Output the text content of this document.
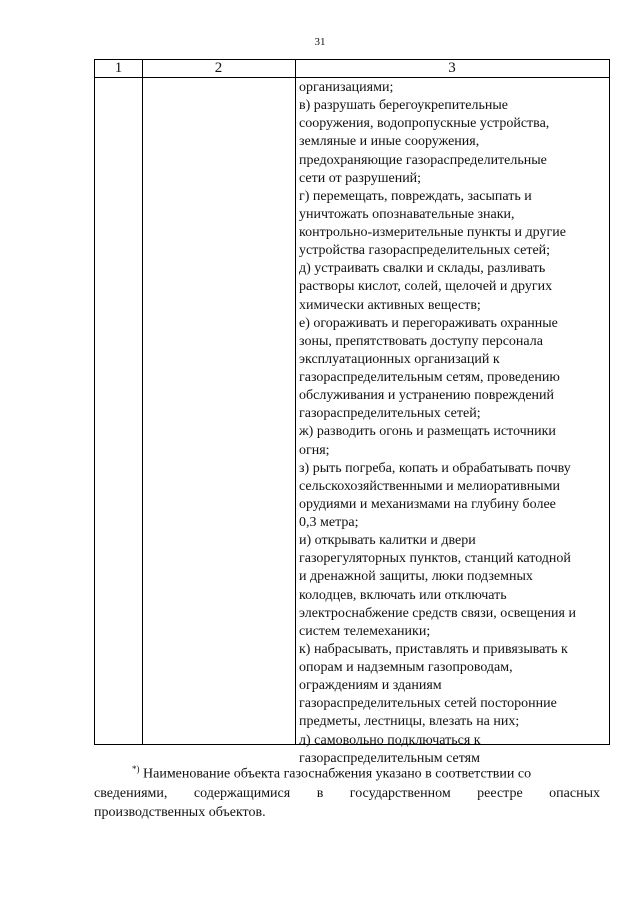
31
1	2	3
организациями;
в) разрушать берегоукрепительные
сооружения, водопропускные устройства,
земляные и иные сооружения,
предохраняющие газораспределительные
сети от разрушений;
г) перемещать, повреждать, засыпать и
уничтожать опознавательные знаки,
контрольно-измерительные пункты и другие
устройства газораспределительных сетей;
д) устраивать свалки и склады, разливать
растворы кислот, солей, щелочей и других
химически активных веществ;
е) огораживать и перегораживать охранные
зоны, препятствовать доступу персонала
эксплуатационных организаций к
газораспределительным сетям, проведению
обслуживания и устранению повреждений
газораспределительных сетей;
ж) разводить огонь и размещать источники
огня;
з) рыть погреба, копать и обрабатывать почву
сельскохозяйственными и мелиоративными
орудиями и механизмами на глубину более
0,3 метра;
и) открывать калитки и двери
газорегуляторных пунктов, станций катодной
и дренажной защиты, люки подземных
колодцев, включать или отключать
электроснабжение средств связи, освещения и
систем телемеханики;
к) набрасывать, приставлять и привязывать к
опорам и надземным газопроводам,
ограждениям и зданиям
газораспределительных сетей посторонние
предметы, лестницы, влезать на них;
л) самовольно подключаться к
газораспределительным сетям
*) Наименование объекта газоснабжения указано в соответствии со
сведениями, содержащимися в государственном реестре опасных
производственных объектов.
